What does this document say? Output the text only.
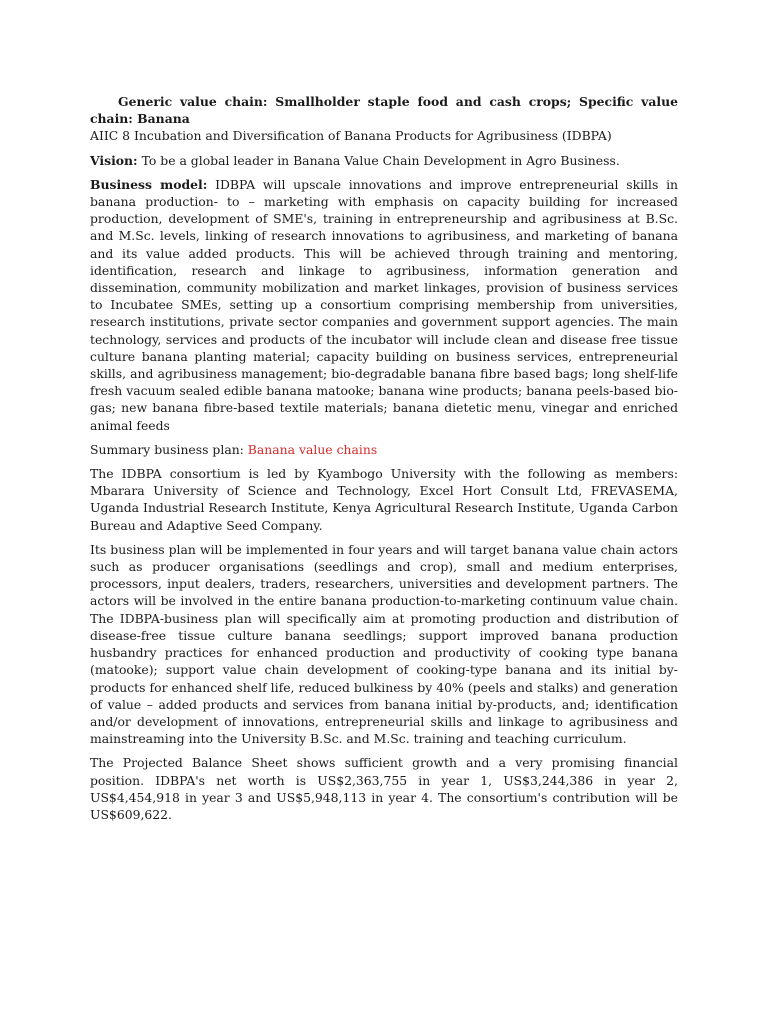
Generic value chain: Smallholder staple food and cash crops; Specific value chain: Banana

AIIC 8 Incubation and Diversification of Banana Products for Agribusiness (IDBPA)

Vision: To be a global leader in Banana Value Chain Development in Agro Business.

Business model: IDBPA will upscale innovations and improve entrepreneurial skills in banana production- to – marketing with emphasis on capacity building for increased production, development of SME's, training in entrepreneurship and agribusiness at B.Sc. and M.Sc. levels, linking of research innovations to agribusiness, and marketing of banana and its value added products. This will be achieved through training and mentoring, identification, research and linkage to agribusiness, information generation and dissemination, community mobilization and market linkages, provision of business services to Incubatee SMEs, setting up a consortium comprising membership from universities, research institutions, private sector companies and government support agencies. The main technology, services and products of the incubator will include clean and disease free tissue culture banana planting material; capacity building on business services, entrepreneurial skills, and agribusiness management; bio-degradable banana fibre based bags; long shelf-life fresh vacuum sealed edible banana matooke; banana wine products; banana peels-based bio-gas; new banana fibre-based textile materials; banana dietetic menu, vinegar and enriched animal feeds

Summary business plan: Banana value chains

The IDBPA consortium is led by Kyambogo University with the following as members: Mbarara University of Science and Technology, Excel Hort Consult Ltd, FREVASEMA, Uganda Industrial Research Institute, Kenya Agricultural Research Institute, Uganda Carbon Bureau and Adaptive Seed Company.

Its business plan will be implemented in four years and will target banana value chain actors such as producer organisations (seedlings and crop), small and medium enterprises, processors, input dealers, traders, researchers, universities and development partners. The actors will be involved in the entire banana production-to-marketing continuum value chain. The IDBPA-business plan will specifically aim at promoting production and distribution of disease-free tissue culture banana seedlings; support improved banana production husbandry practices for enhanced production and productivity of cooking type banana (matooke); support value chain development of cooking-type banana and its initial by-products for enhanced shelf life, reduced bulkiness by 40% (peels and stalks) and generation of value – added products and services from banana initial by-products, and; identification and/or development of innovations, entrepreneurial skills and linkage to agribusiness and mainstreaming into the University B.Sc. and M.Sc. training and teaching curriculum.

The Projected Balance Sheet shows sufficient growth and a very promising financial position. IDBPA's net worth is US$2,363,755 in year 1, US$3,244,386 in year 2, US$4,454,918 in year 3 and US$5,948,113 in year 4. The consortium's contribution will be US$609,622.
